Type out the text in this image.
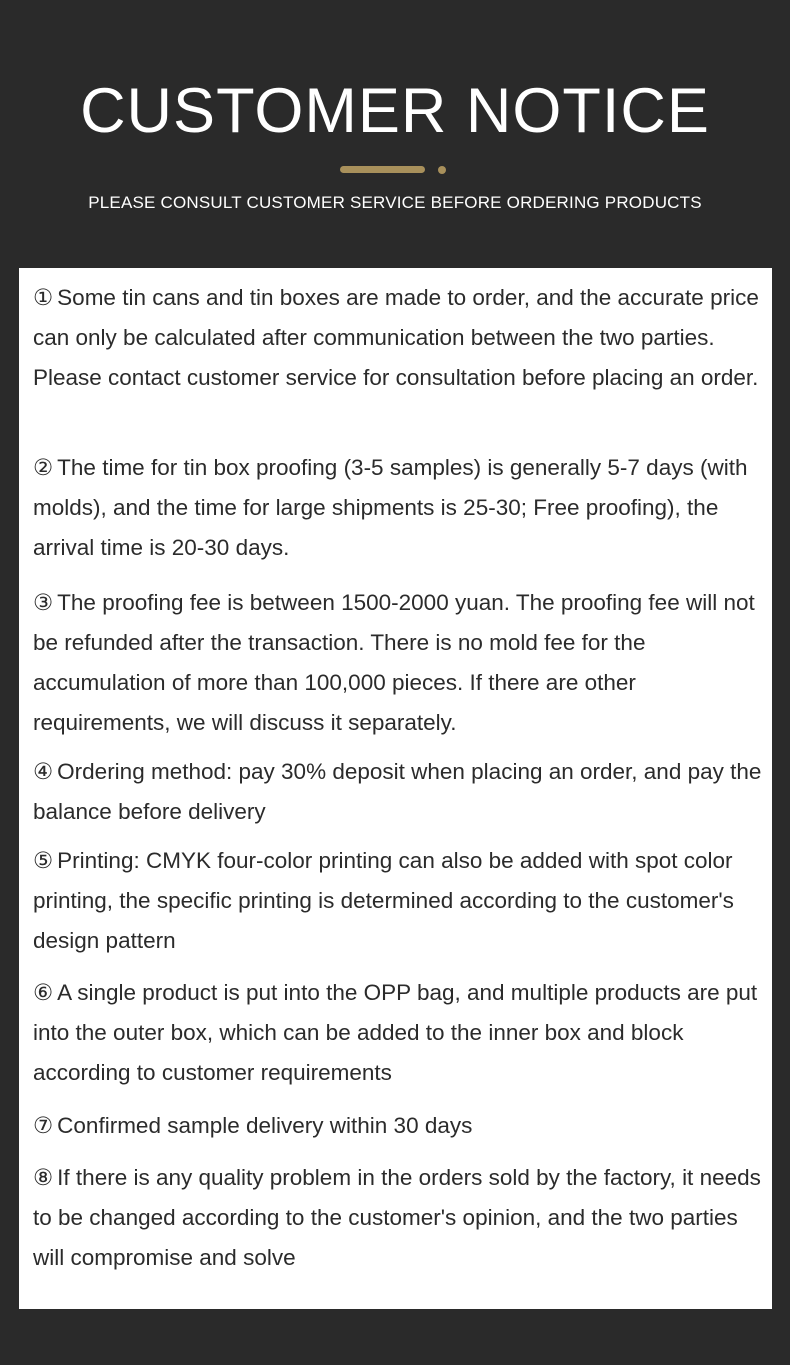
CUSTOMER NOTICE
PLEASE CONSULT CUSTOMER SERVICE BEFORE ORDERING PRODUCTS

① Some tin cans and tin boxes are made to order, and the accurate price can only be calculated after communication between the two parties. Please contact customer service for consultation before placing an order.

② The time for tin box proofing (3-5 samples) is generally 5-7 days (with molds), and the time for large shipments is 25-30; Free proofing), the arrival time is 20-30 days.

③ The proofing fee is between 1500-2000 yuan. The proofing fee will not be refunded after the transaction. There is no mold fee for the accumulation of more than 100,000 pieces. If there are other requirements, we will discuss it separately.

④ Ordering method: pay 30% deposit when placing an order, and pay the balance before delivery

⑤ Printing: CMYK four-color printing can also be added with spot color printing, the specific printing is determined according to the customer's design pattern

⑥ A single product is put into the OPP bag, and multiple products are put into the outer box, which can be added to the inner box and block according to customer requirements

⑦ Confirmed sample delivery within 30 days

⑧ If there is any quality problem in the orders sold by the factory, it needs to be changed according to the customer's opinion, and the two parties will compromise and solve
